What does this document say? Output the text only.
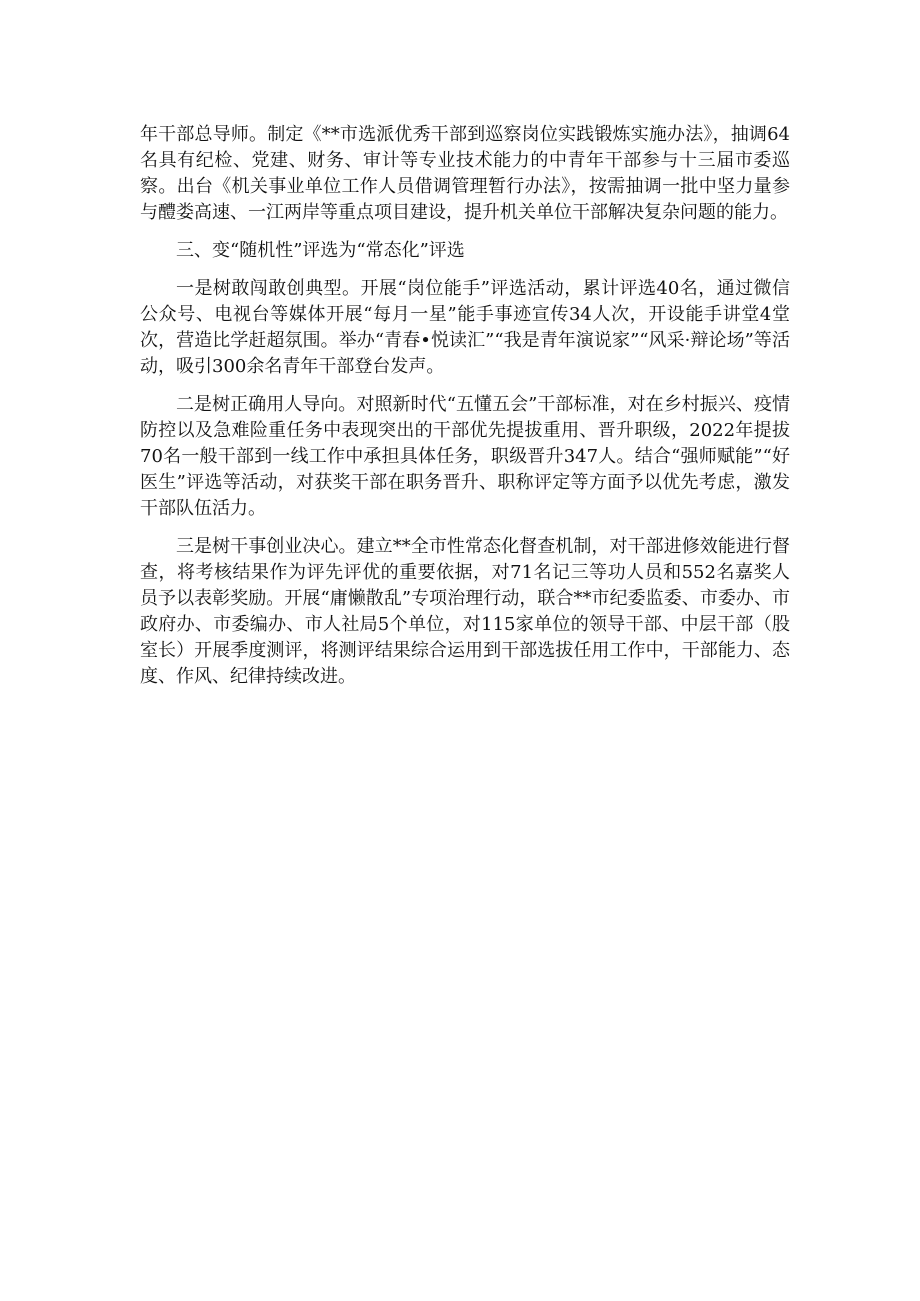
年干部总导师。制定《**市选派优秀干部到巡察岗位实践锻炼实施办法》，抽调64名具有纪检、党建、财务、审计等专业技术能力的中青年干部参与十三届市委巡察。出台《机关事业单位工作人员借调管理暂行办法》，按需抽调一批中坚力量参与醴娄高速、一江两岸等重点项目建设，提升机关单位干部解决复杂问题的能力。

三、变“随机性”评选为“常态化”评选

一是树敢闯敢创典型。开展“岗位能手”评选活动，累计评选40名，通过微信公众号、电视台等媒体开展“每月一星”能手事迹宣传34人次，开设能手讲堂4堂次，营造比学赶超氛围。举办“青春•悦读汇”“我是青年演说家”“风采·辩论场”等活动，吸引300余名青年干部登台发声。

二是树正确用人导向。对照新时代“五懂五会”干部标准，对在乡村振兴、疫情防控以及急难险重任务中表现突出的干部优先提拔重用、晋升职级，2022年提拔70名一般干部到一线工作中承担具体任务，职级晋升347人。结合“强师赋能”“好医生”评选等活动，对获奖干部在职务晋升、职称评定等方面予以优先考虑，激发干部队伍活力。

三是树干事创业决心。建立**全市性常态化督查机制，对干部进修效能进行督查，将考核结果作为评先评优的重要依据，对71名记三等功人员和552名嘉奖人员予以表彰奖励。开展“庸懒散乱”专项治理行动，联合**市纪委监委、市委办、市政府办、市委编办、市人社局5个单位，对115家单位的领导干部、中层干部（股室长）开展季度测评，将测评结果综合运用到干部选拔任用工作中，干部能力、态度、作风、纪律持续改进。
